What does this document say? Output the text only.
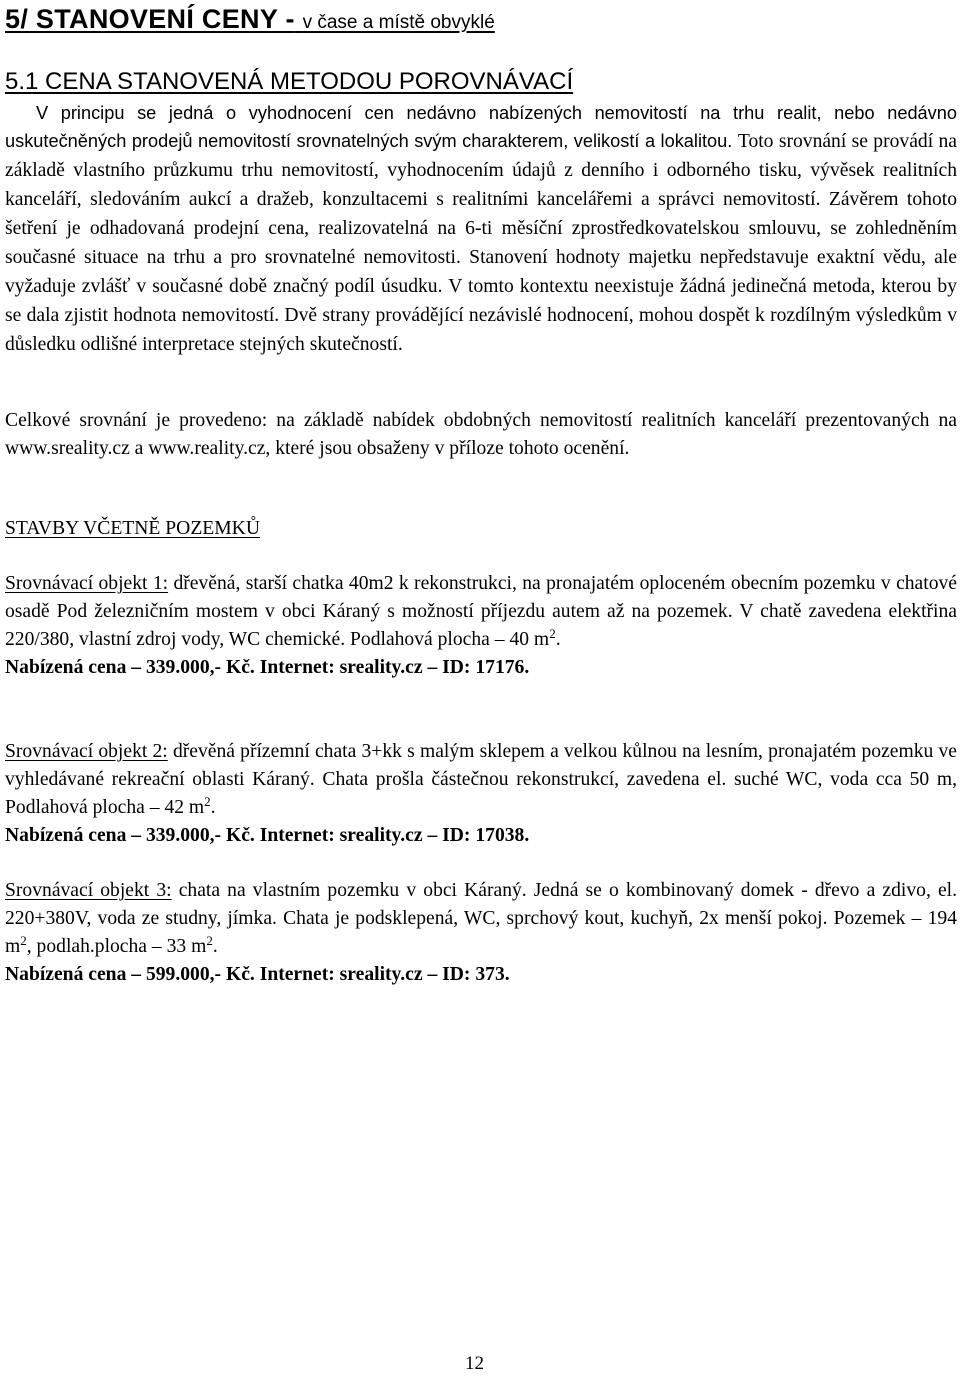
5/ STANOVENÍ CENY - v čase a místě obvyklé
5.1 CENA STANOVENÁ METODOU POROVNÁVACÍ
V principu se jedná o vyhodnocení cen nedávno nabízených nemovitostí na trhu realit, nebo nedávno uskutečněných prodejů nemovitostí srovnatelných svým charakterem, velikostí a lokalitou. Toto srovnání se provádí na základě vlastního průzkumu trhu nemovitostí, vyhodnocením údajů z denního i odborného tisku, vývěsek realitních kanceláří, sledováním aukcí a dražeb, konzultacemi s realitními kancelářemi a správci nemovitostí. Závěrem tohoto šetření je odhadovaná prodejní cena, realizovatelná na 6-ti měsíční zprostředkovatelskou smlouvu, se zohledněním současné situace na trhu a pro srovnatelné nemovitosti. Stanovení hodnoty majetku nepředstavuje exaktní vědu, ale vyžaduje zvlášť v současné době značný podíl úsudku. V tomto kontextu neexistuje žádná jedinečná metoda, kterou by se dala zjistit hodnota nemovitostí. Dvě strany provádějící nezávislé hodnocení, mohou dospět k rozdílným výsledkům v důsledku odlišné interpretace stejných skutečností.
Celkové srovnání je provedeno: na základě nabídek obdobných nemovitostí realitních kanceláří prezentovaných na www.sreality.cz a www.reality.cz, které jsou obsaženy v příloze tohoto ocenění.
STAVBY VČETNĚ POZEMKŮ
Srovnávací objekt 1: dřevěná, starší chatka 40m2 k rekonstrukci, na pronajatém oploceném obecním pozemku v chatové osadě Pod železničním mostem v obci Káraný s možností příjezdu autem až na pozemek. V chatě zavedena elektřina 220/380, vlastní zdroj vody, WC chemické. Podlahová plocha – 40 $m^2$.
Nabízená cena – 339.000,- Kč. Internet: sreality.cz – ID: 17176.
Srovnávací objekt 2: dřevěná přízemní chata 3+kk s malým sklepem a velkou kůlnou na lesním, pronajatém pozemku ve vyhledávané rekreační oblasti Káraný. Chata prošla částečnou rekonstrukcí, zavedena el. suché WC, voda cca 50 m, Podlahová plocha – 42 $m^2$.
Nabízená cena – 339.000,- Kč. Internet: sreality.cz – ID: 17038.
Srovnávací objekt 3: chata na vlastním pozemku v obci Káraný. Jedná se o kombinovaný domek - dřevo a zdivo, el. 220+380V, voda ze studny, jímka. Chata je podsklepená, WC, sprchový kout, kuchyň, 2x menší pokoj. Pozemek – 194 $m^2$, podlah.plocha – 33 $m^2$.
Nabízená cena – 599.000,- Kč. Internet: sreality.cz – ID: 373.
12
